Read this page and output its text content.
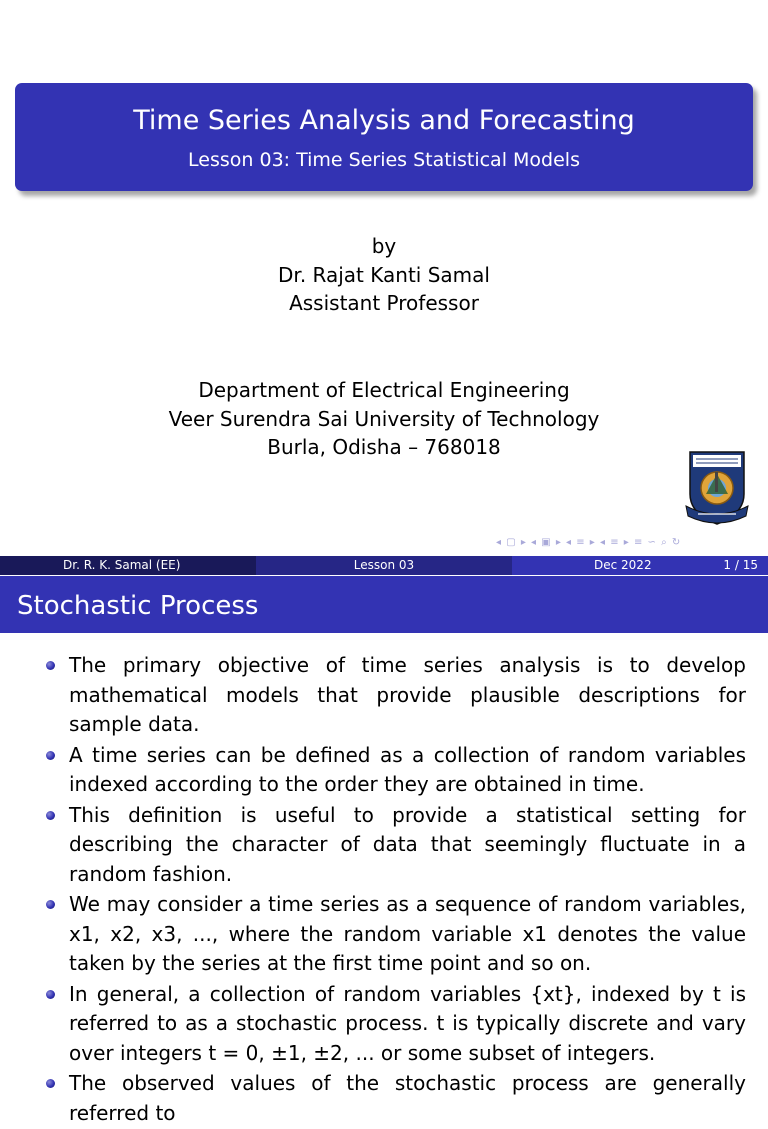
Time Series Analysis and Forecasting
Lesson 03: Time Series Statistical Models
by
Dr. Rajat Kanti Samal
Assistant Professor
Department of Electrical Engineering
Veer Surendra Sai University of Technology
Burla, Odisha – 768018
◂ ▢ ▸ ◂ ▣ ▸ ◂ ≡ ▸ ◂ ≡ ▸ ≡ ∽ ⌕ ↻
Dr. R. K. Samal (EE)	Lesson 03	Dec 2022	1 / 15
Stochastic Process

The primary objective of time series analysis is to develop mathematical models that provide plausible descriptions for sample data.

A time series can be defined as a collection of random variables indexed according to the order they are obtained in time.

This definition is useful to provide a statistical setting for describing the character of data that seemingly fluctuate in a random fashion.

We may consider a time series as a sequence of random variables, x1, x2, x3, ..., where the random variable x1 denotes the value taken by the series at the first time point and so on.

In general, a collection of random variables {xt}, indexed by t is referred to as a stochastic process. t is typically discrete and vary over integers t = 0, ±1, ±2, ... or some subset of integers.

The observed values of the stochastic process are generally referred to
